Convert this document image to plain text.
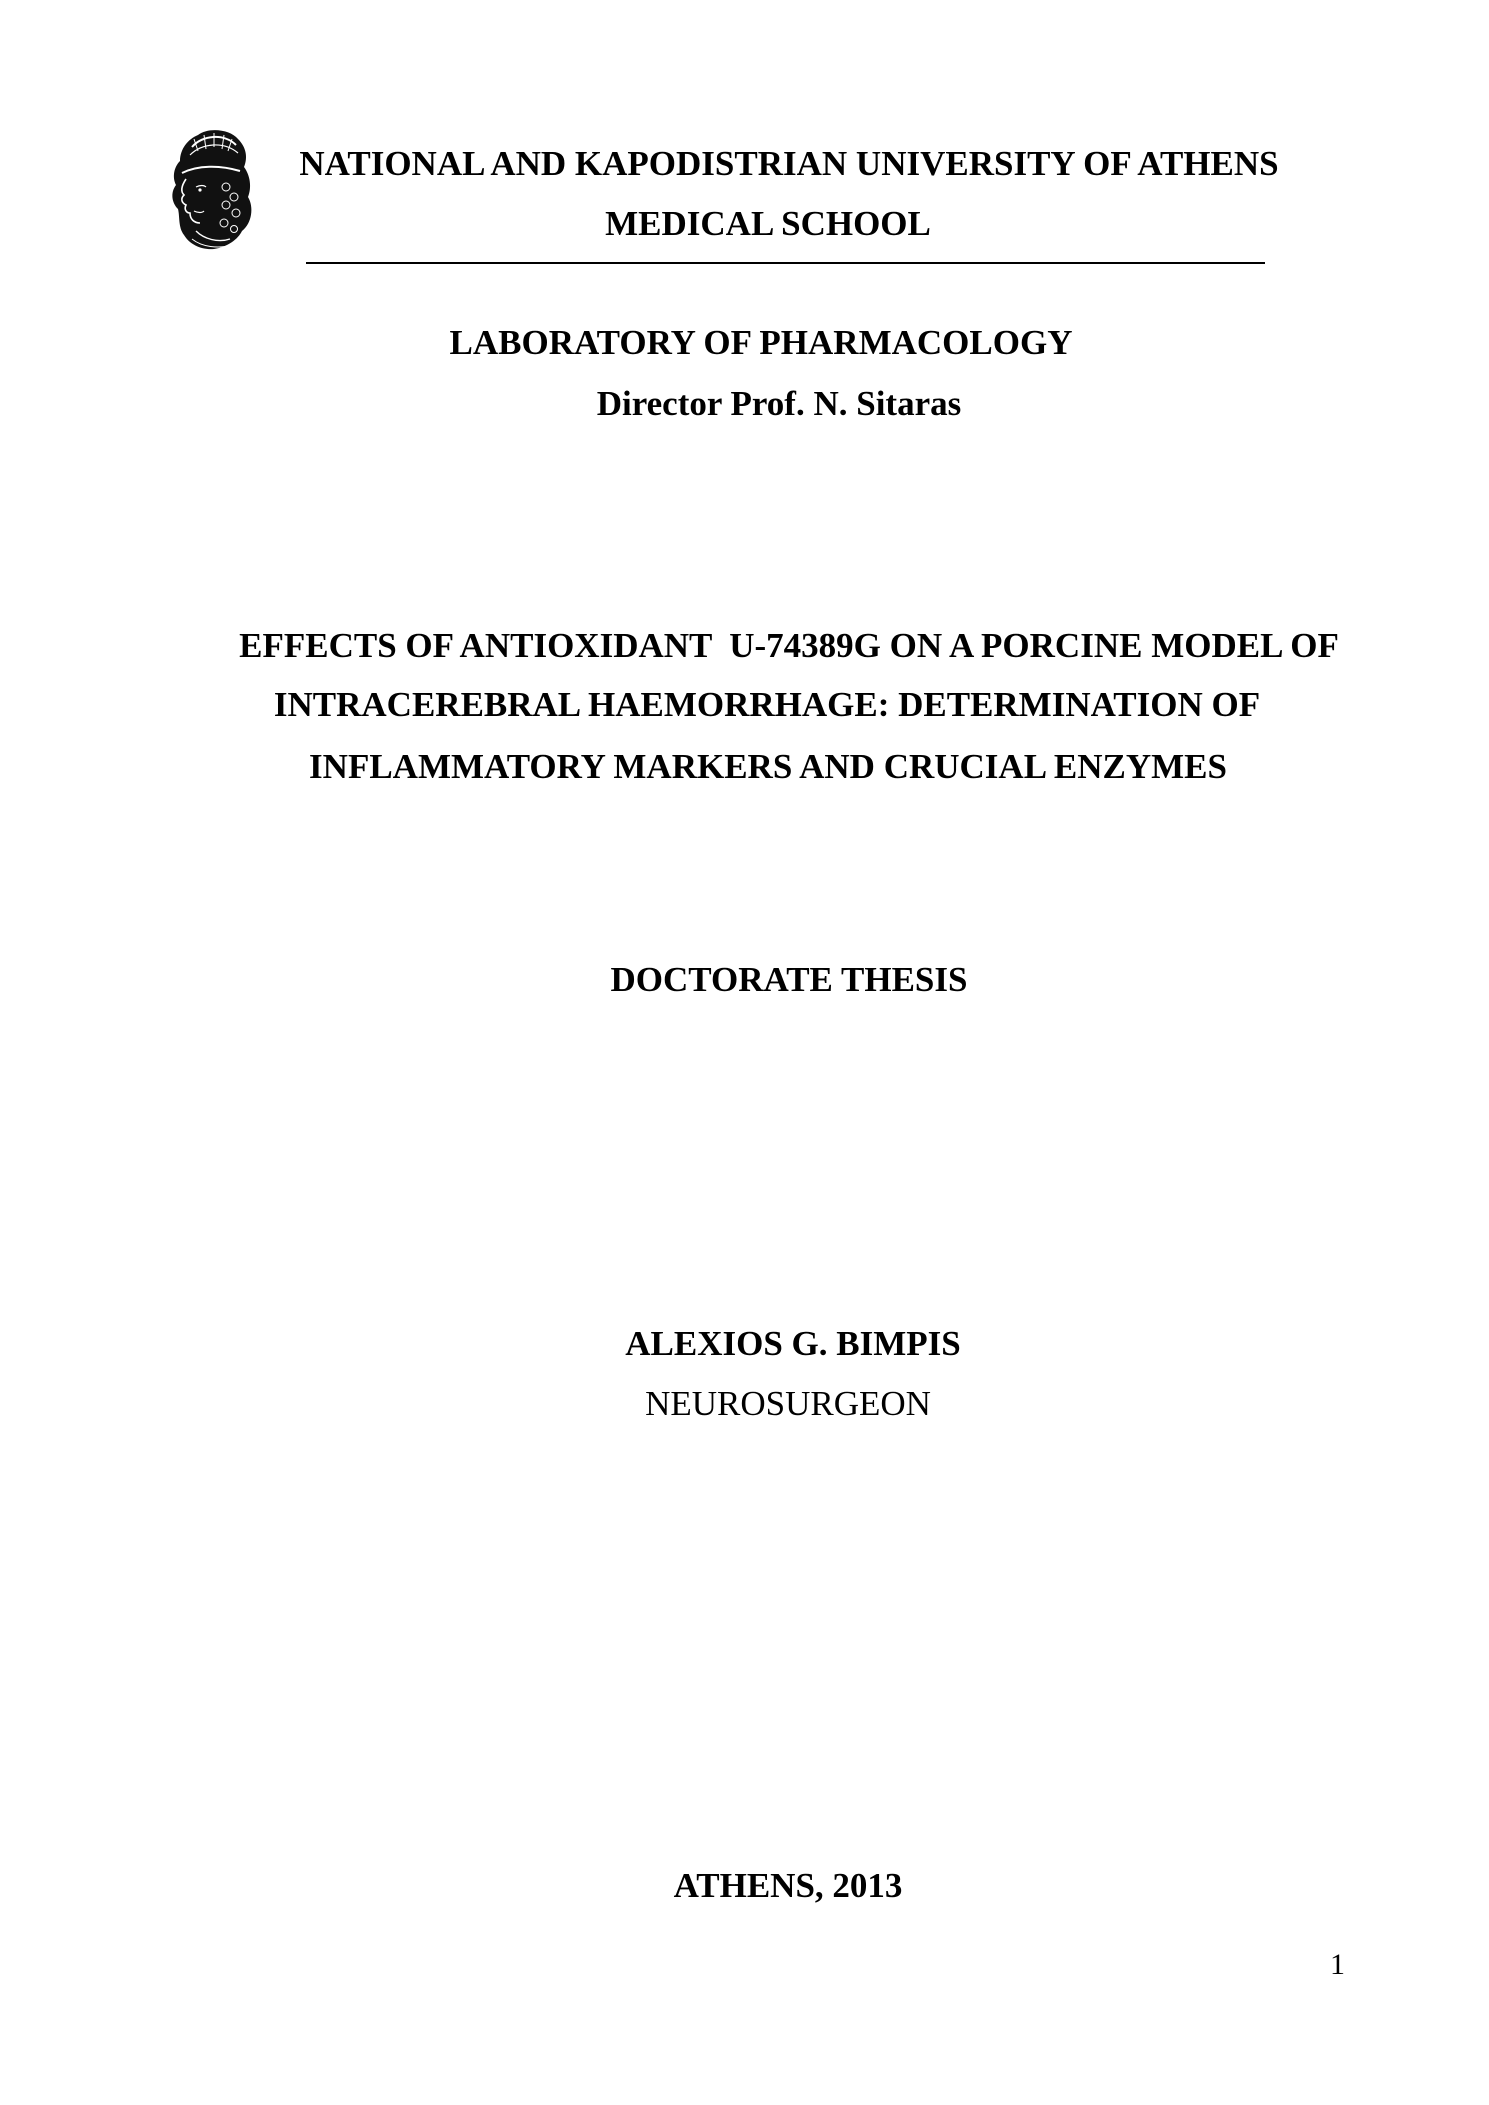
NATIONAL AND KAPODISTRIAN UNIVERSITY OF ATHENS
MEDICAL SCHOOL
LABORATORY OF PHARMACOLOGY
Director Prof. N. Sitaras
EFFECTS OF ANTIOXIDANT  U-74389G ON A PORCINE MODEL OF
INTRACEREBRAL HAEMORRHAGE: DETERMINATION OF
INFLAMMATORY MARKERS AND CRUCIAL ENZYMES
DOCTORATE THESIS
ALEXIOS G. BIMPIS
NEUROSURGEON
ATHENS, 2013
1
